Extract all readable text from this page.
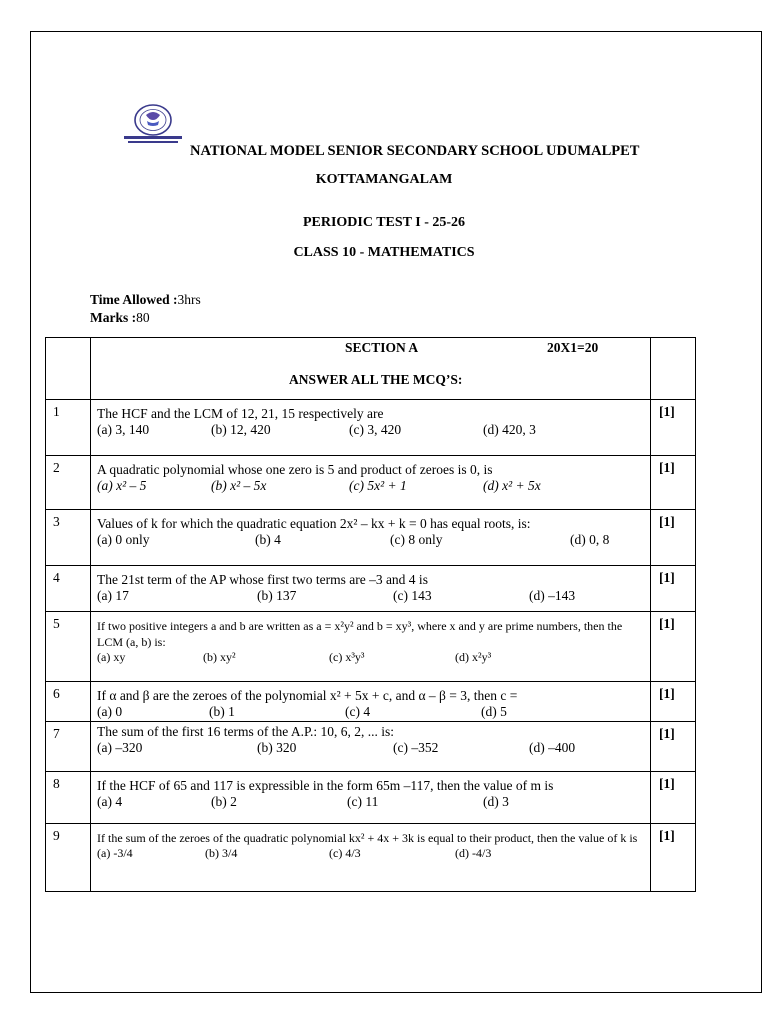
NATIONAL MODEL SENIOR SECONDARY SCHOOL UDUMALPET
KOTTAMANGALAM
PERIODIC TEST I - 25-26
CLASS 10 - MATHEMATICS
Time Allowed :3hrs
Marks :80

	SECTION A 20X1=20
ANSWER ALL THE MCQ’S:	

1	The HCF and the LCM of 12, 21, 15 respectively are
(a) 3, 140 (b) 12, 420 (c) 3, 420 (d) 420, 3	[1]
2	A quadratic polynomial whose one zero is 5 and product of zeroes is 0, is
(a) x² – 5 (b) x² – 5x (c) 5x² + 1 (d) x² + 5x	[1]
3	Values of k for which the quadratic equation 2x² – kx + k = 0 has equal roots, is:
(a) 0 only (b) 4 (c) 8 only (d) 0, 8	[1]
4	The 21st term of the AP whose first two terms are –3 and 4 is
(a) 17 (b) 137 (c) 143 (d) –143	[1]
5	If two positive integers a and b are written as a = x²y² and b = xy³, where x and y are prime numbers, then the LCM (a, b) is:
(a) xy (b) xy² (c) x³y³ (d) x²y³	[1]
6	If α and β are the zeroes of the polynomial x² + 5x + c, and α – β = 3, then c =
(a) 0 (b) 1 (c) 4 (d) 5	[1]
7	The sum of the first 16 terms of the A.P.: 10, 6, 2, ... is:
(a) –320 (b) 320 (c) –352 (d) –400	[1]
8	If the HCF of 65 and 117 is expressible in the form 65m –117, then the value of m is
(a) 4 (b) 2 (c) 11 (d) 3	[1]
9	If the sum of the zeroes of the quadratic polynomial kx² + 4x + 3k is equal to their product, then the value of k is
(a) -3/4 (b) 3/4 (c) 4/3 (d) -4/3	[1]
